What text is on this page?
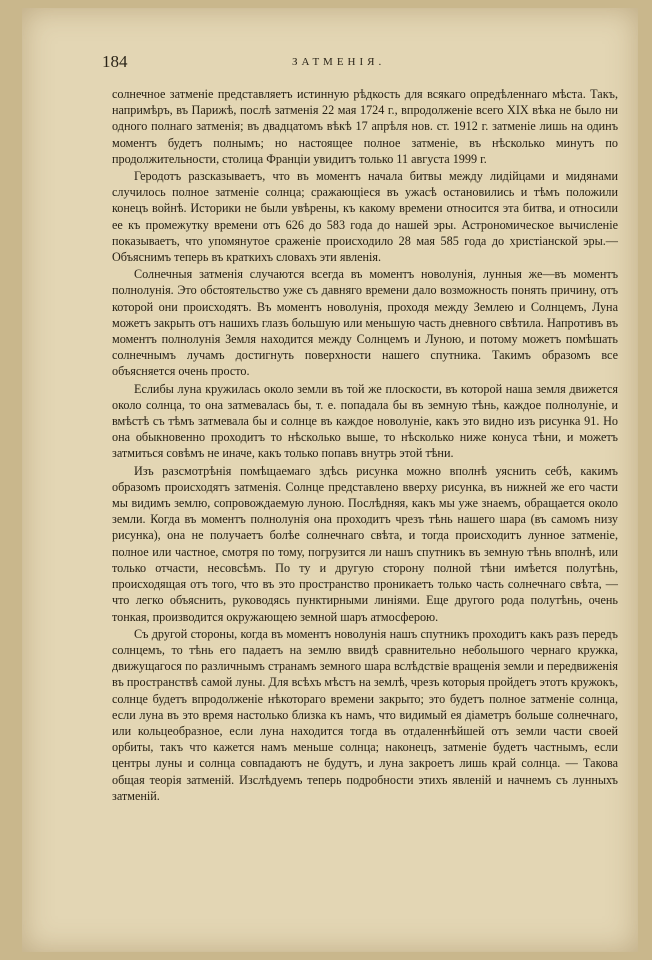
184	ЗАТМЕНІЯ.

солнечное затменіе представляетъ истинную рѣдкость для всякаго опредѣленнаго мѣста. Такъ, напримѣръ, въ Парижѣ, послѣ затменія 22 мая 1724 г., впродолженіе всего XIX вѣка не было ни одного полнаго затменія; въ двадцатомъ вѣкѣ 17 апрѣля нов. ст. 1912 г. затменіе лишь на одинъ моментъ будетъ полнымъ; но настоящее полное затменіе, въ нѣсколько минутъ по продолжительности, столица Франціи увидитъ только 11 августа 1999 г.

Геродотъ разсказываетъ, что въ моментъ начала битвы между лидійцами и мидянами случилось полное затменіе солнца; сражающіеся въ ужасѣ остановились и тѣмъ положили конецъ войнѣ. Историки не были увѣрены, къ какому времени относится эта битва, и относили ее къ промежутку времени отъ 626 до 583 года до нашей эры. Астрономическое вычисленіе показываетъ, что упомянутое сраженіе происходило 28 мая 585 года до христіанской эры.—Объяснимъ теперь въ краткихъ словахъ эти явленія.

Солнечныя затменія случаются всегда въ моментъ новолунія, лунныя же—въ моментъ полнолунія. Это обстоятельство уже съ давняго времени дало возможность понять причину, отъ которой они происходятъ. Въ моментъ новолунія, проходя между Землею и Солнцемъ, Луна можетъ закрыть отъ нашихъ глазъ большую или меньшую часть дневного свѣтила. Напротивъ въ моментъ полнолунія Земля находится между Солнцемъ и Луною, и потому можетъ помѣшать солнечнымъ лучамъ достигнуть поверхности нашего спутника. Такимъ образомъ все объясняется очень просто.

Еслибы луна кружилась около земли въ той же плоскости, въ которой наша земля движется около солнца, то она затмевалась бы, т. е. попадала бы въ земную тѣнь, каждое полнолуніе, и вмѣстѣ съ тѣмъ затмевала бы и солнце въ каждое новолуніе, какъ это видно изъ рисунка 91. Но она обыкновенно проходитъ то нѣсколько выше, то нѣсколько ниже конуса тѣни, и можетъ затмиться совѣмъ не иначе, какъ только попавъ внутрь этой тѣни.

Изъ разсмотрѣнія помѣщаемаго здѣсь рисунка можно вполнѣ уяснить себѣ, какимъ образомъ происходятъ затменія. Солнце представлено вверху рисунка, въ нижней же его части мы видимъ землю, сопровождаемую луною. Послѣдняя, какъ мы уже знаемъ, обращается около земли. Когда въ моментъ полнолунія она проходитъ чрезъ тѣнь нашего шара (въ самомъ низу рисунка), она не получаетъ болѣе солнечнаго свѣта, и тогда происходитъ лунное затменіе, полное или частное, смотря по тому, погрузится ли нашъ спутникъ въ земную тѣнь вполнѣ, или только отчасти, несовсѣмъ. По ту и другую сторону полной тѣни имѣется полутѣнь, происходящая отъ того, что въ это пространство проникаетъ только часть солнечнаго свѣта, — что легко объяснить, руководясь пунктирными линіями. Еще другого рода полутѣнь, очень тонкая, производится окружающею земной шаръ атмосферою.

Съ другой стороны, когда въ моментъ новолунія нашъ спутникъ проходитъ какъ разъ передъ солнцемъ, то тѣнь его падаетъ на землю ввидѣ сравнительно небольшого чернаго кружка, движущагося по различнымъ странамъ земного шара вслѣдствіе вращенія земли и передвиженія въ пространствѣ самой луны. Для всѣхъ мѣстъ на землѣ, чрезъ которыя пройдетъ этотъ кружокъ, солнце будетъ впродолженіе нѣкотораго времени закрыто; это будетъ полное затменіе солнца, если луна въ это время настолько близка къ намъ, что видимый ея діаметръ больше солнечнаго, или кольцеобразное, если луна находится тогда въ отдаленнѣйшей отъ земли части своей орбиты, такъ что кажется намъ меньше солнца; наконецъ, затменіе будетъ частнымъ, если центры луны и солнца совпадаютъ не будутъ, и луна закроетъ лишь край солнца. — Такова общая теорія затменій. Изслѣдуемъ теперь подробности этихъ явленій и начнемъ съ лунныхъ затменій.
